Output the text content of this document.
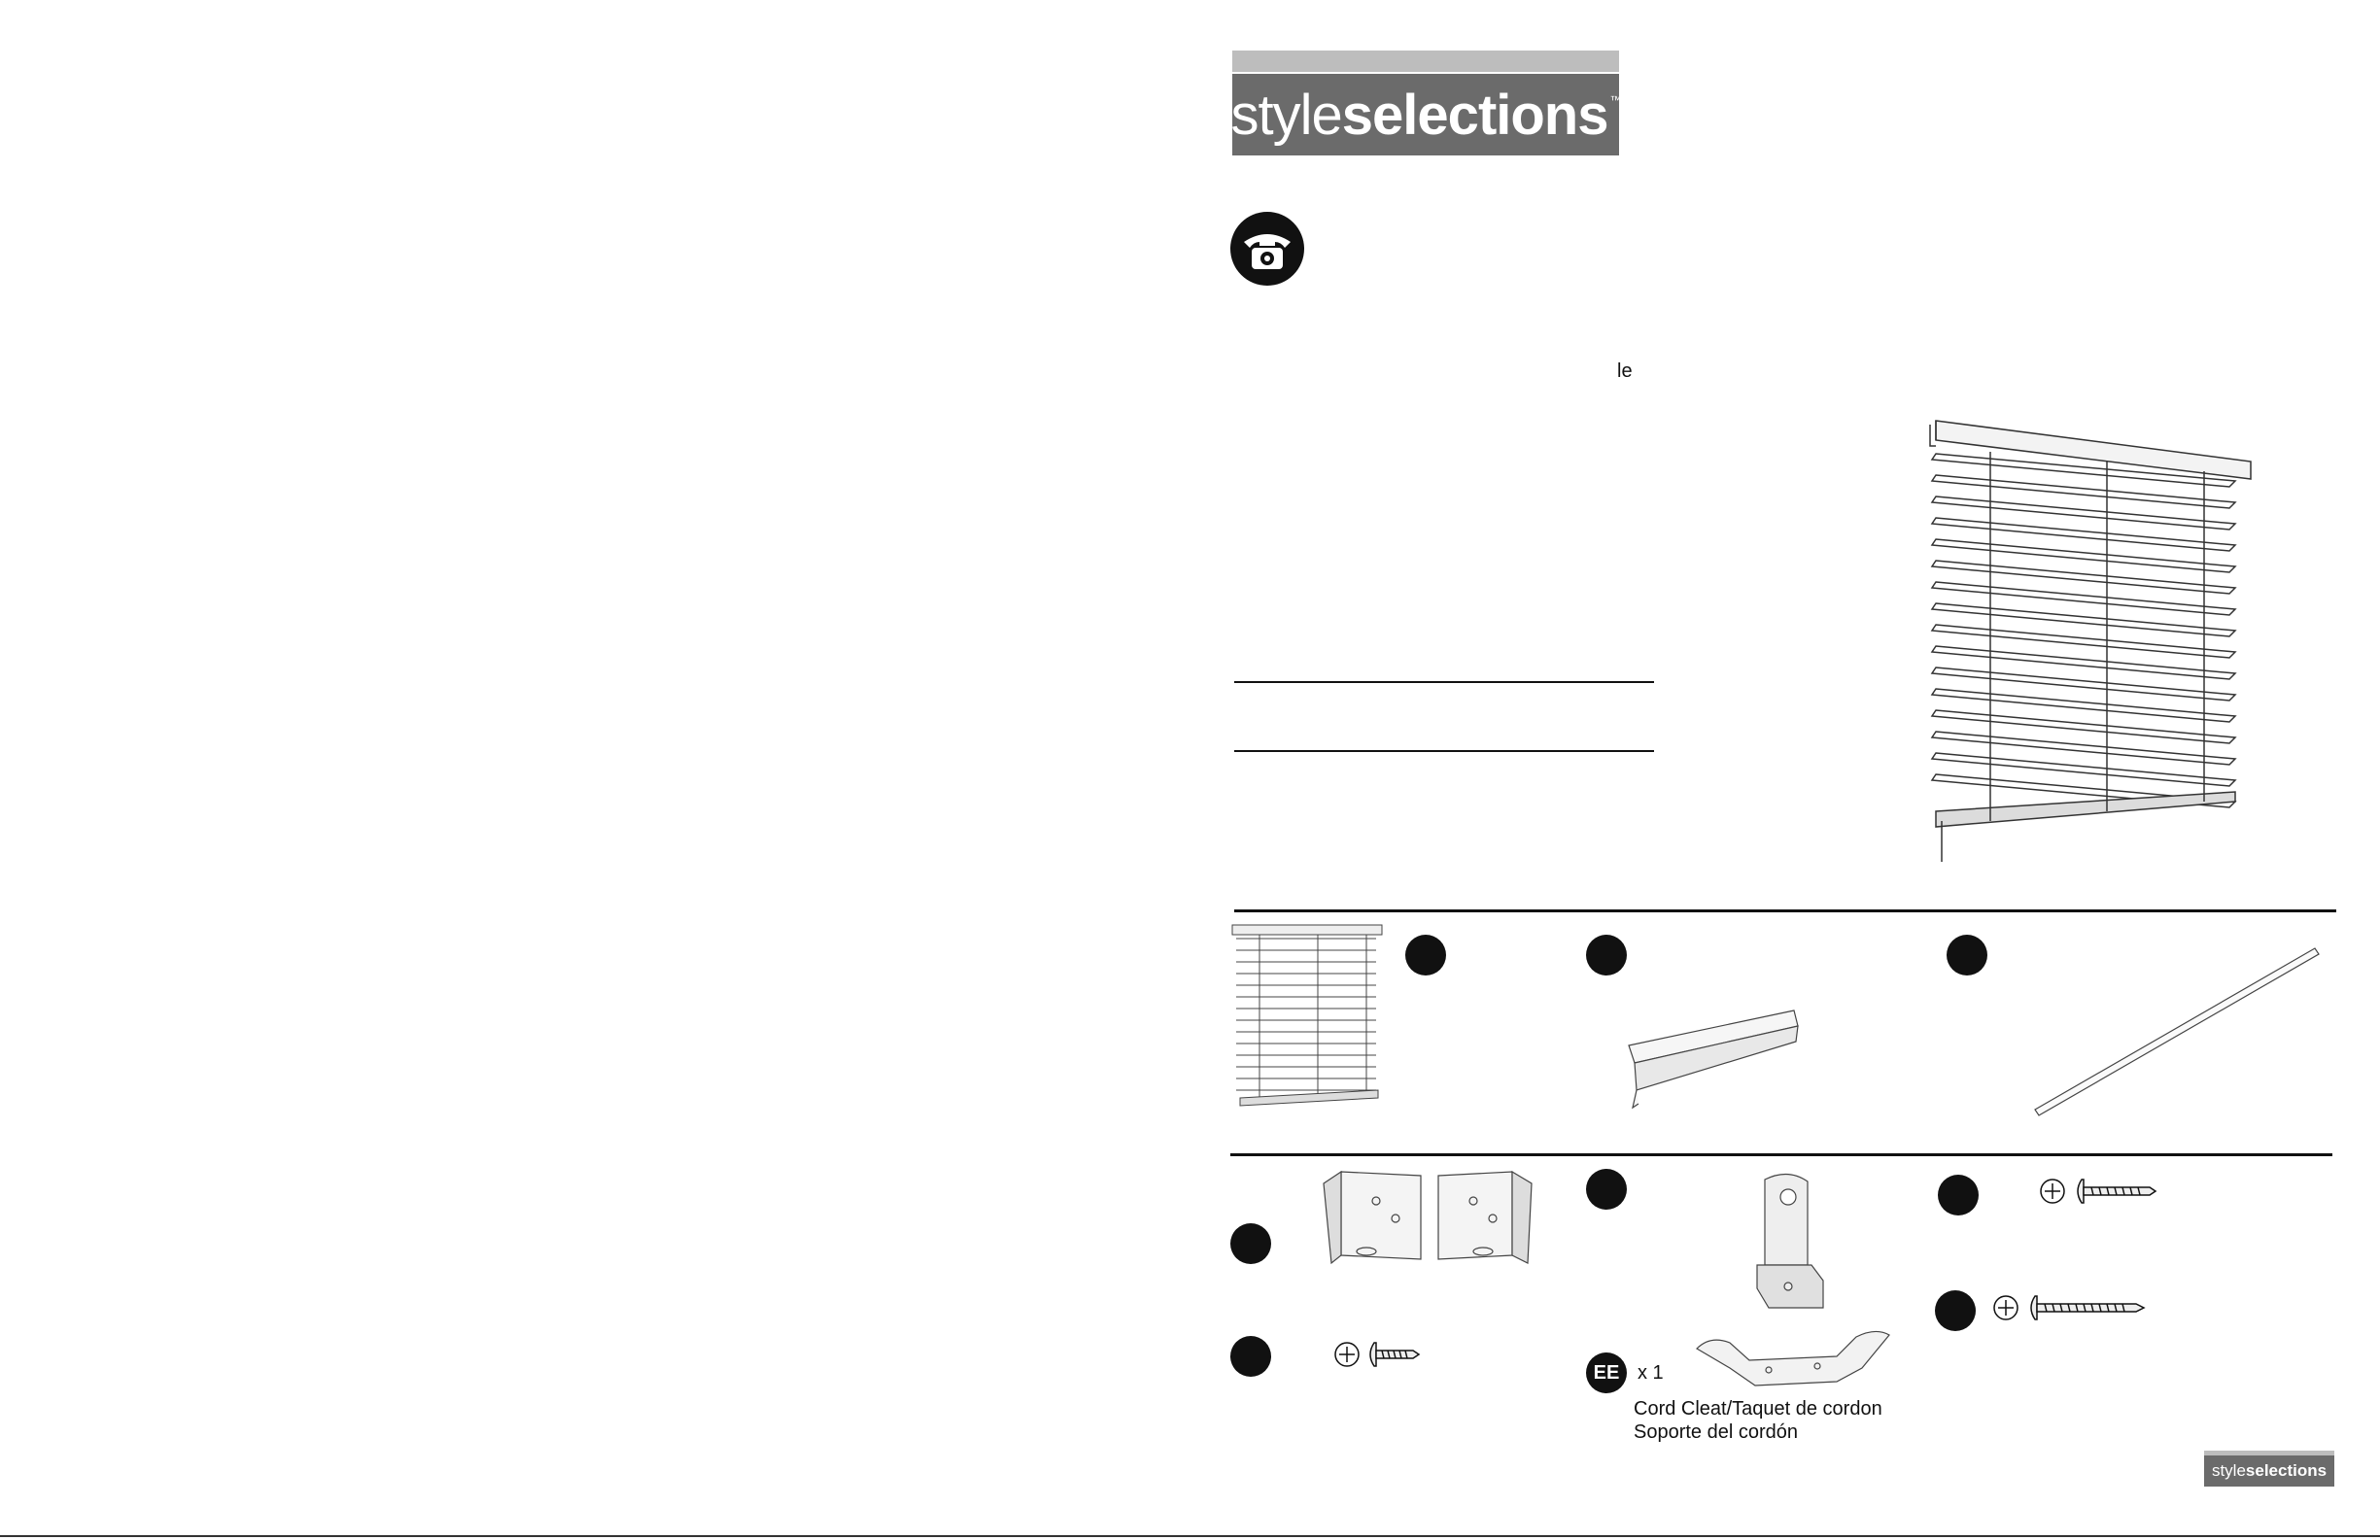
style selections ™
le
EE x 1
Cord Cleat/Taquet de cordon
Soporte del cordón
style selections
